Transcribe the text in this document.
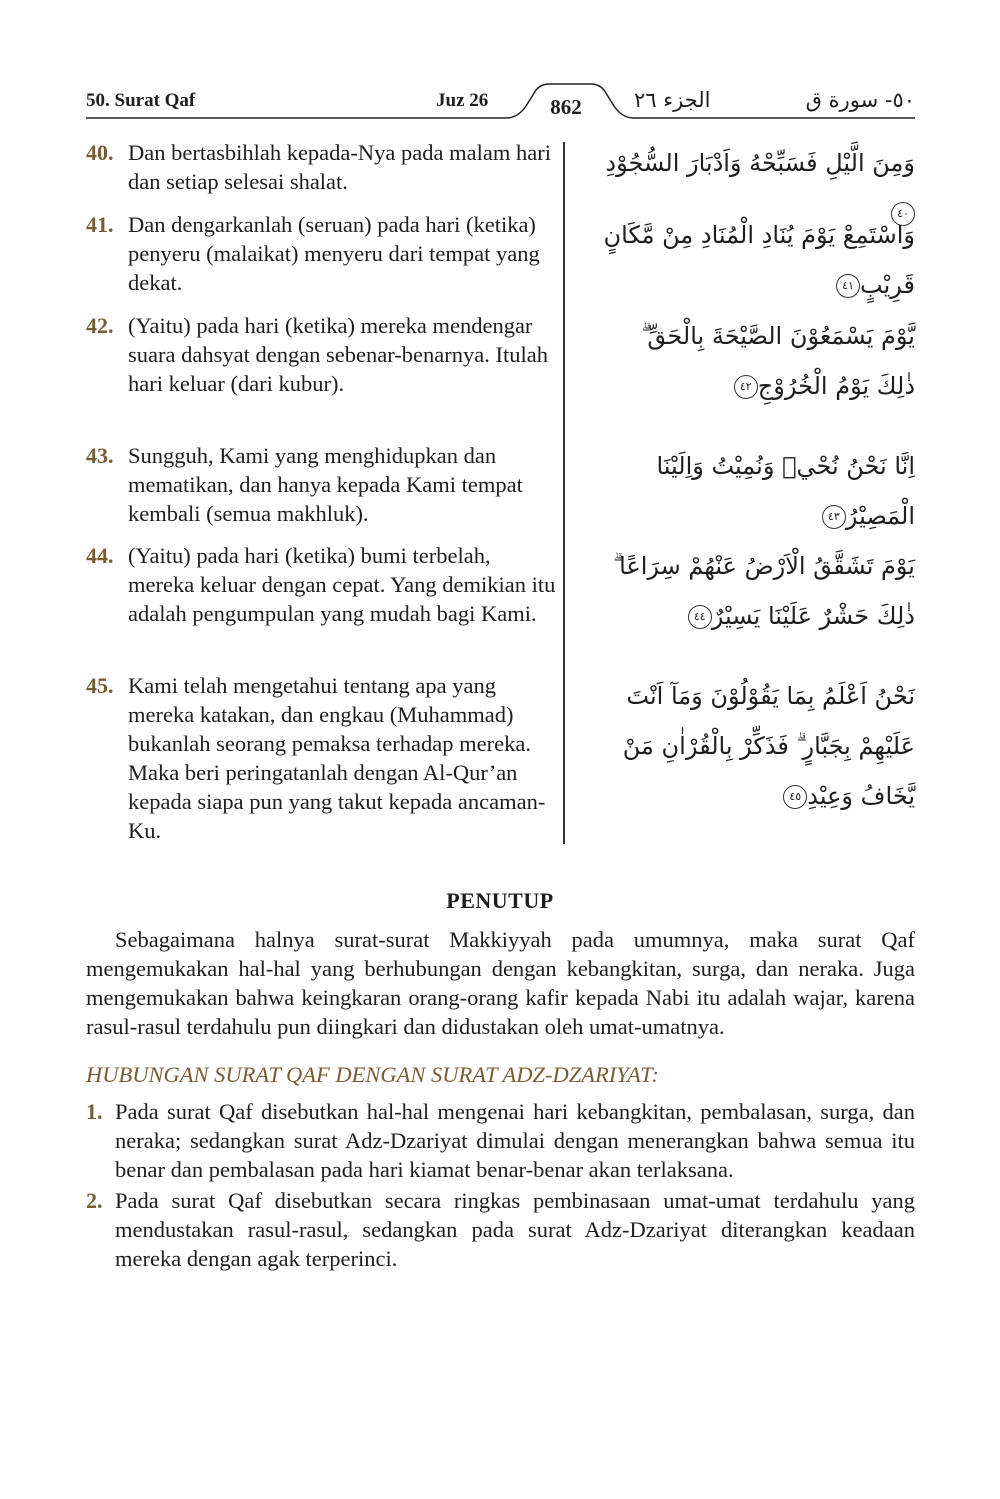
50. Surat Qaf	Juz 26	862	الجزء ٢٦	٥٠- سورة ق
40. Dan bertasbihlah kepada-Nya pada malam hari dan setiap selesai shalat.
وَمِنَ الَّيْلِ فَسَبِّحْهُ وَاَدْبَارَ السُّجُوْدِ٤٠
41. Dan dengarkanlah (seruan) pada hari (ketika) penyeru (malaikat) menyeru dari tempat yang dekat.
وَاسْتَمِعْ يَوْمَ يُنَادِ الْمُنَادِ مِنْ مَّكَانٍ قَرِيْبٍ٤١
42. (Yaitu) pada hari (ketika) mereka mendengar suara dahsyat dengan sebenar-benarnya. Itulah hari keluar (dari kubur).
يَّوْمَ يَسْمَعُوْنَ الصَّيْحَةَ بِالْحَقِّ ۗ ذٰلِكَ يَوْمُ الْخُرُوْجِ٤٢
43. Sungguh, Kami yang menghidupkan dan mematikan, dan hanya kepada Kami tempat kembali (semua makhluk).
اِنَّا نَحْنُ نُحْيٖ وَنُمِيْتُ وَاِلَيْنَا الْمَصِيْرُ٤٣
44. (Yaitu) pada hari (ketika) bumi terbelah, mereka keluar dengan cepat. Yang demikian itu adalah pengumpulan yang mudah bagi Kami.
يَوْمَ تَشَقَّقُ الْاَرْضُ عَنْهُمْ سِرَاعًا ۗ ذٰلِكَ حَشْرٌ عَلَيْنَا يَسِيْرٌ٤٤
45. Kami telah mengetahui tentang apa yang mereka katakan, dan engkau (Muhammad) bukanlah seorang pemaksa terhadap mereka. Maka beri peringatanlah dengan Al-Qur’an kepada siapa pun yang takut kepada ancaman-Ku.
نَحْنُ اَعْلَمُ بِمَا يَقُوْلُوْنَ وَمَآ اَنْتَ عَلَيْهِمْ بِجَبَّارٍ ۗ فَذَكِّرْ بِالْقُرْاٰنِ مَنْ يَّخَافُ وَعِيْدِ٤٥
PENUTUP
Sebagaimana halnya surat-surat Makkiyyah pada umumnya, maka surat Qaf mengemukakan hal-hal yang berhubungan dengan kebangkitan, surga, dan neraka. Juga mengemukakan bahwa keingkaran orang-orang kafir kepada Nabi itu adalah wajar, karena rasul-rasul terdahulu pun diingkari dan didustakan oleh umat-umatnya.
HUBUNGAN SURAT QAF DENGAN SURAT ADZ-DZARIYAT:
1. Pada surat Qaf disebutkan hal-hal mengenai hari kebangkitan, pembalasan, surga, dan neraka; sedangkan surat Adz-Dzariyat dimulai dengan menerangkan bahwa semua itu benar dan pembalasan pada hari kiamat benar-benar akan terlaksana.
2. Pada surat Qaf disebutkan secara ringkas pembinasaan umat-umat terdahulu yang mendustakan rasul-rasul, sedangkan pada surat Adz-Dzariyat diterangkan keadaan mereka dengan agak terperinci.
